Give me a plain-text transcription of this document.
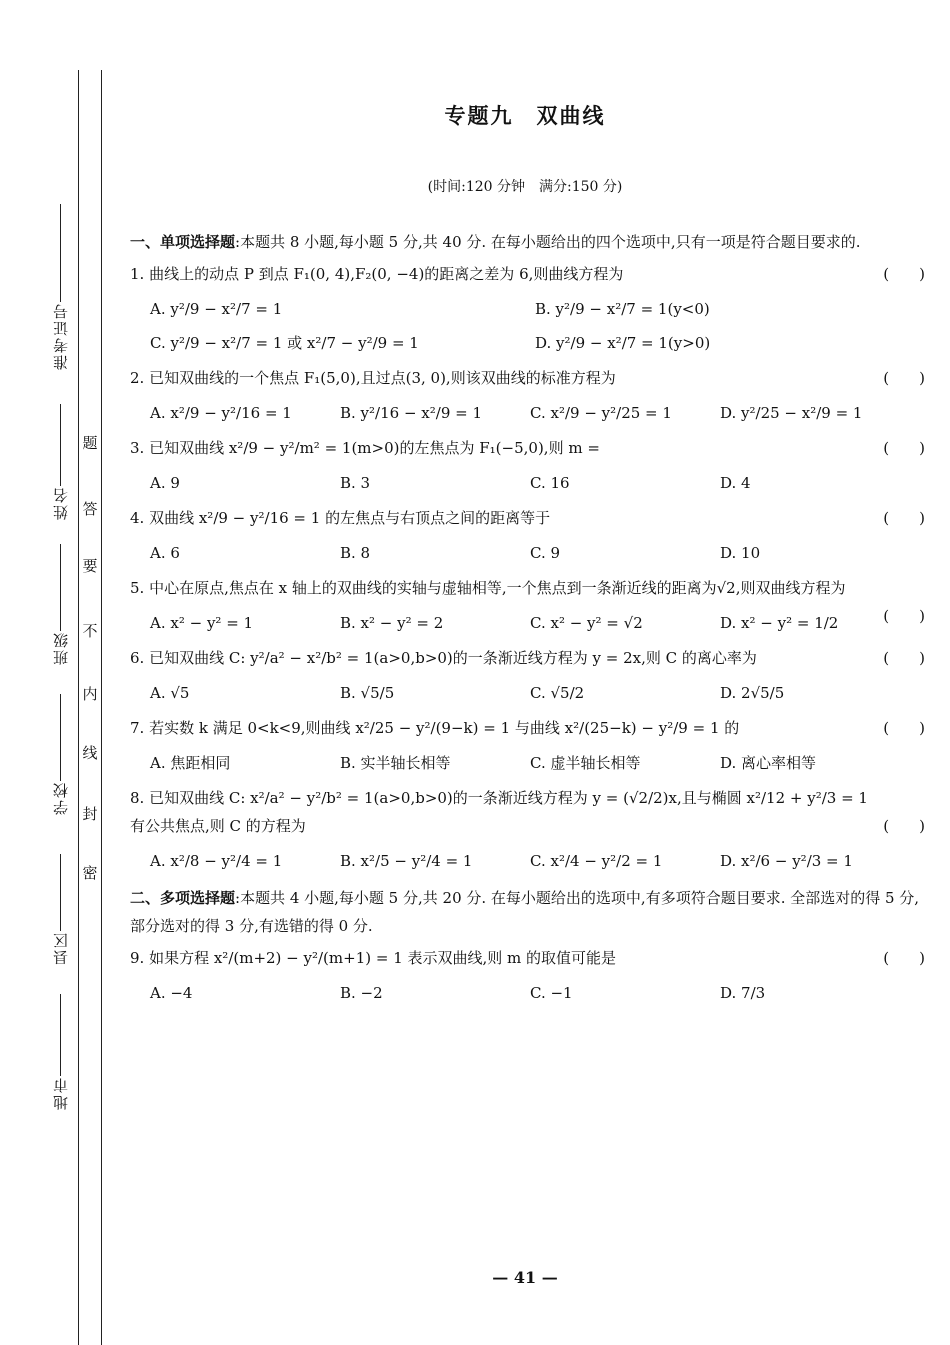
准考证号
姓名
班级
学校
县区
地市
题
答
要
不
内
线
封
密
专题九　双曲线
(时间:120 分钟　满分:150 分)
一、单项选择题:本题共 8 小题,每小题 5 分,共 40 分. 在每小题给出的四个选项中,只有一项是符合题目要求的.
1. 曲线上的动点 P 到点 F₁(0, 4),F₂(0, −4)的距离之差为 6,则曲线方程为	(　　)
A. y²/9 − x²/7 = 1	B. y²/9 − x²/7 = 1(y<0)
C. y²/9 − x²/7 = 1 或 x²/7 − y²/9 = 1	D. y²/9 − x²/7 = 1(y>0)
2. 已知双曲线的一个焦点 F₁(5,0),且过点(3, 0),则该双曲线的标准方程为	(　　)
A. x²/9 − y²/16 = 1	B. y²/16 − x²/9 = 1	C. x²/9 − y²/25 = 1	D. y²/25 − x²/9 = 1
3. 已知双曲线 x²/9 − y²/m² = 1(m>0)的左焦点为 F₁(−5,0),则 m =	(　　)
A. 9	B. 3	C. 16	D. 4
4. 双曲线 x²/9 − y²/16 = 1 的左焦点与右顶点之间的距离等于	(　　)
A. 6	B. 8	C. 9	D. 10
5. 中心在原点,焦点在 x 轴上的双曲线的实轴与虚轴相等,一个焦点到一条渐近线的距离为√2,则双曲线方程为
(　　)
A. x² − y² = 1	B. x² − y² = 2	C. x² − y² = √2	D. x² − y² = 1/2
6. 已知双曲线 C: y²/a² − x²/b² = 1(a>0,b>0)的一条渐近线方程为 y = 2x,则 C 的离心率为	(　　)
A. √5	B. √5/5	C. √5/2	D. 2√5/5
7. 若实数 k 满足 0<k<9,则曲线 x²/25 − y²/(9−k) = 1 与曲线 x²/(25−k) − y²/9 = 1 的	(　　)
A. 焦距相同	B. 实半轴长相等	C. 虚半轴长相等	D. 离心率相等
8. 已知双曲线 C: x²/a² − y²/b² = 1(a>0,b>0)的一条渐近线方程为 y = (√2/2)x,且与椭圆 x²/12 + y²/3 = 1 有公共焦点,则 C 的方程为	(　　)
A. x²/8 − y²/4 = 1	B. x²/5 − y²/4 = 1	C. x²/4 − y²/2 = 1	D. x²/6 − y²/3 = 1
二、多项选择题:本题共 4 小题,每小题 5 分,共 20 分. 在每小题给出的选项中,有多项符合题目要求. 全部选对的得 5 分,部分选对的得 3 分,有选错的得 0 分.
9. 如果方程 x²/(m+2) − y²/(m+1) = 1 表示双曲线,则 m 的取值可能是	(　　)
A. −4	B. −2	C. −1	D. 7/3
— 41 —
